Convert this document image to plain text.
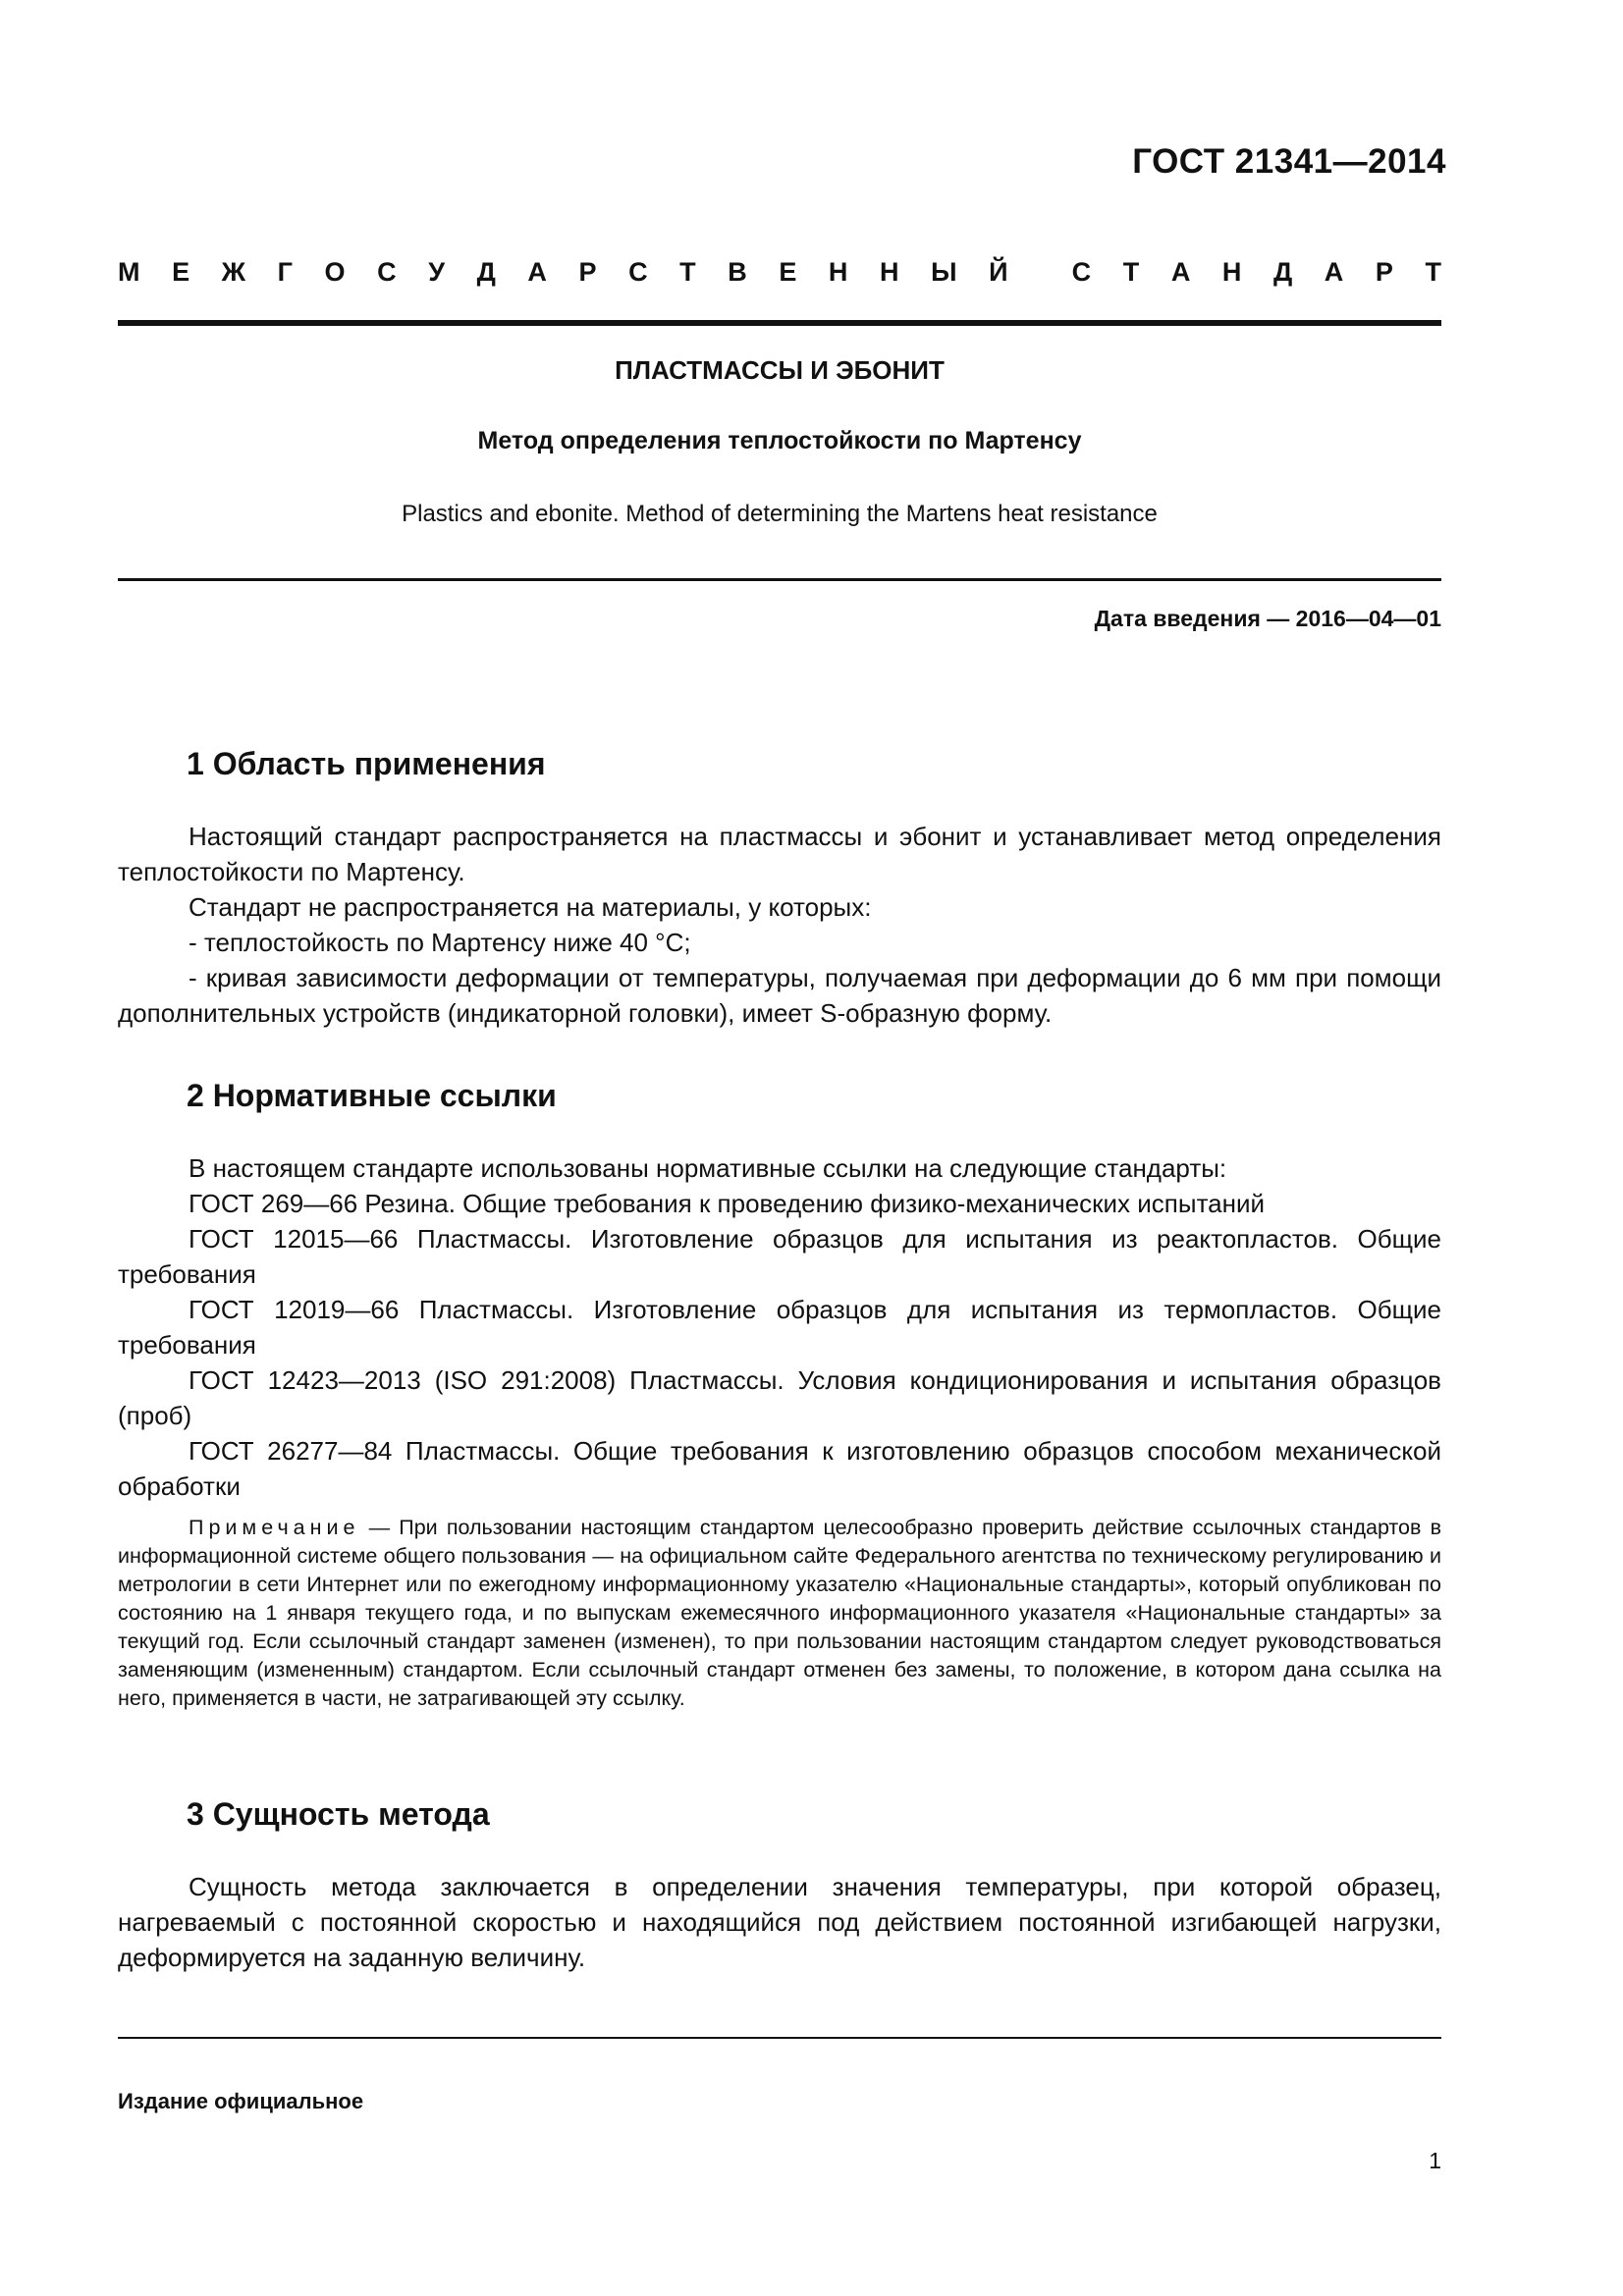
ГОСТ 21341—2014
М Е Ж Г О С У Д А Р С Т В Е Н Н Ы Й С Т А Н Д А Р Т
ПЛАСТМАССЫ И ЭБОНИТ
Метод определения теплостойкости по Мартенсу
Plastics and ebonite. Method of determining the Martens heat resistance
Дата введения — 2016—04—01
1 Область применения
Настоящий стандарт распространяется на пластмассы и эбонит и устанавливает метод определения теплостойкости по Мартенсу.
Стандарт не распространяется на материалы, у которых:
- теплостойкость по Мартенсу ниже 40 °С;
- кривая зависимости деформации от температуры, получаемая при деформации до 6 мм при помощи дополнительных устройств (индикаторной головки), имеет S-образную форму.
2 Нормативные ссылки
В настоящем стандарте использованы нормативные ссылки на следующие стандарты:
ГОСТ 269—66 Резина. Общие требования к проведению физико-механических испытаний
ГОСТ 12015—66 Пластмассы. Изготовление образцов для испытания из реактопластов. Общие требования
ГОСТ 12019—66 Пластмассы. Изготовление образцов для испытания из термопластов. Общие требования
ГОСТ 12423—2013 (ISO 291:2008) Пластмассы. Условия кондиционирования и испытания образцов (проб)
ГОСТ 26277—84 Пластмассы. Общие требования к изготовлению образцов способом механической обработки
Примечание — При пользовании настоящим стандартом целесообразно проверить действие ссылочных стандартов в информационной системе общего пользования — на официальном сайте Федерального агентства по техническому регулированию и метрологии в сети Интернет или по ежегодному информационному указателю «Национальные стандарты», который опубликован по состоянию на 1 января текущего года, и по выпускам ежемесячного информационного указателя «Национальные стандарты» за текущий год. Если ссылочный стандарт заменен (изменен), то при пользовании настоящим стандартом следует руководствоваться заменяющим (измененным) стандартом. Если ссылочный стандарт отменен без замены, то положение, в котором дана ссылка на него, применяется в части, не затрагивающей эту ссылку.
3 Сущность метода
Сущность метода заключается в определении значения температуры, при которой образец, нагреваемый с постоянной скоростью и находящийся под действием постоянной изгибающей нагрузки, деформируется на заданную величину.
Издание официальное
1
